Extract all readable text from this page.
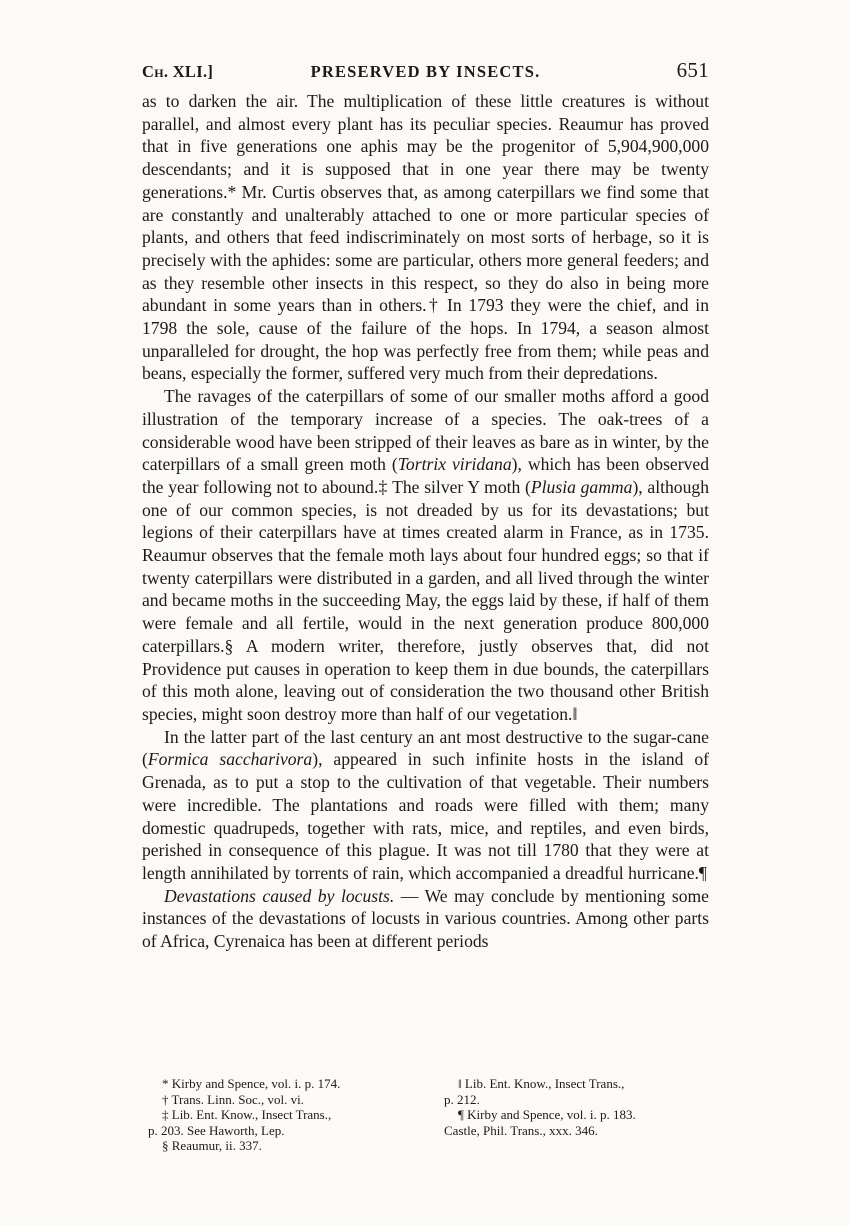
Ch. XLI.]	PRESERVED BY INSECTS.	651

as to darken the air. The multiplication of these little creatures is without parallel, and almost every plant has its peculiar species. Reaumur has proved that in five generations one aphis may be the progenitor of 5,904,900,000 descendants; and it is supposed that in one year there may be twenty generations.* Mr. Curtis observes that, as among caterpillars we find some that are constantly and unalterably attached to one or more particular species of plants, and others that feed indiscriminately on most sorts of herbage, so it is precisely with the aphides: some are particular, others more general feeders; and as they resemble other insects in this respect, so they do also in being more abundant in some years than in others.† In 1793 they were the chief, and in 1798 the sole, cause of the failure of the hops. In 1794, a season almost unparalleled for drought, the hop was perfectly free from them; while peas and beans, especially the former, suffered very much from their depredations.

The ravages of the caterpillars of some of our smaller moths afford a good illustration of the temporary increase of a species. The oak-trees of a considerable wood have been stripped of their leaves as bare as in winter, by the caterpillars of a small green moth (Tortrix viridana), which has been observed the year following not to abound.‡ The silver Y moth (Plusia gamma), although one of our common species, is not dreaded by us for its devastations; but legions of their caterpillars have at times created alarm in France, as in 1735. Reaumur observes that the female moth lays about four hundred eggs; so that if twenty caterpillars were distributed in a garden, and all lived through the winter and became moths in the succeeding May, the eggs laid by these, if half of them were female and all fertile, would in the next generation produce 800,000 caterpillars.§ A modern writer, therefore, justly observes that, did not Providence put causes in operation to keep them in due bounds, the caterpillars of this moth alone, leaving out of consideration the two thousand other British species, might soon destroy more than half of our vegetation.‖

In the latter part of the last century an ant most destructive to the sugar-cane (Formica saccharivora), appeared in such infinite hosts in the island of Grenada, as to put a stop to the cultivation of that vegetable. Their numbers were incredible. The plantations and roads were filled with them; many domestic quadrupeds, together with rats, mice, and reptiles, and even birds, perished in consequence of this plague. It was not till 1780 that they were at length annihilated by torrents of rain, which accompanied a dreadful hurricane.¶

Devastations caused by locusts. — We may conclude by mentioning some instances of the devastations of locusts in various countries. Among other parts of Africa, Cyrenaica has been at different periods

* Kirby and Spence, vol. i. p. 174.

† Trans. Linn. Soc., vol. vi.

‡ Lib. Ent. Know., Insect Trans.,

p. 203. See Haworth, Lep.

§ Reaumur, ii. 337.

‖ Lib. Ent. Know., Insect Trans.,

p. 212.

¶ Kirby and Spence, vol. i. p. 183.

Castle, Phil. Trans., xxx. 346.
